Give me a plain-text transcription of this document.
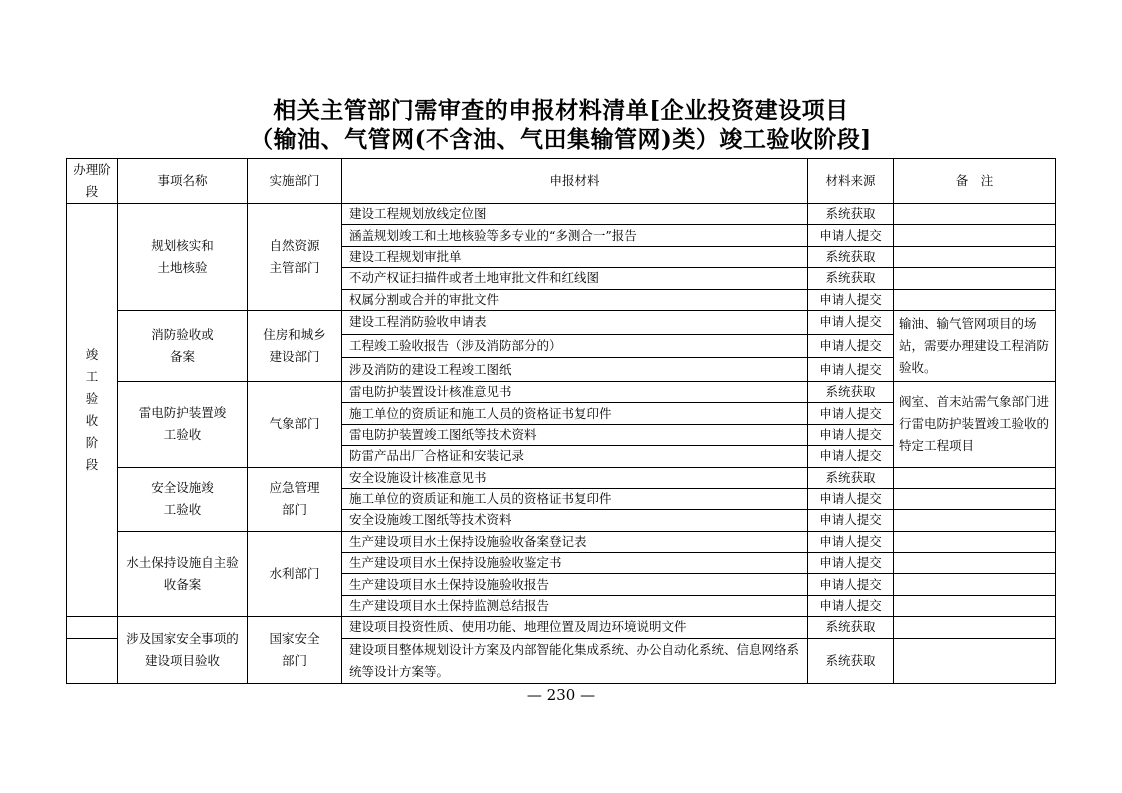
相关主管部门需审查的申报材料清单[企业投资建设项目
（输油、气管网(不含油、气田集输管网)类）竣工验收阶段]
办理阶段	事项名称	实施部门	申报材料	材料来源	备　注
竣工验收阶段	规划核实和土地核验	自然资源主管部门	建设工程规划放线定位图	系统获取	
			涵盖规划竣工和土地核验等多专业的“多测合一”报告	申请人提交	
			建设工程规划审批单	系统获取	
			不动产权证扫描件或者土地审批文件和红线图	系统获取	
			权属分割或合并的审批文件	申请人提交	
	消防验收或备案	住房和城乡建设部门	建设工程消防验收申请表	申请人提交	输油、输气管网项目的场站，需要办理建设工程消防验收。
			工程竣工验收报告（涉及消防部分的）	申请人提交	
			涉及消防的建设工程竣工图纸	申请人提交	
	雷电防护装置竣工验收	气象部门	雷电防护装置设计核准意见书	系统获取	阀室、首末站需气象部门进行雷电防护装置竣工验收的特定工程项目
			施工单位的资质证和施工人员的资格证书复印件	申请人提交	
			雷电防护装置竣工图纸等技术资料	申请人提交	
			防雷产品出厂合格证和安装记录	申请人提交	
	安全设施竣工验收	应急管理部门	安全设施设计核准意见书	系统获取	
			施工单位的资质证和施工人员的资格证书复印件	申请人提交	
			安全设施竣工图纸等技术资料	申请人提交	
	水土保持设施自主验收备案	水利部门	生产建设项目水土保持设施验收备案登记表	申请人提交	
			生产建设项目水土保持设施验收鉴定书	申请人提交	
			生产建设项目水土保持设施验收报告	申请人提交	
			生产建设项目水土保持监测总结报告	申请人提交	
	涉及国家安全事项的建设项目验收	国家安全部门	建设项目投资性质、使用功能、地理位置及周边环境说明文件	系统获取	
			建设项目整体规划设计方案及内部智能化集成系统、办公自动化系统、信息网络系统等设计方案等。	系统获取	
— 230 —
